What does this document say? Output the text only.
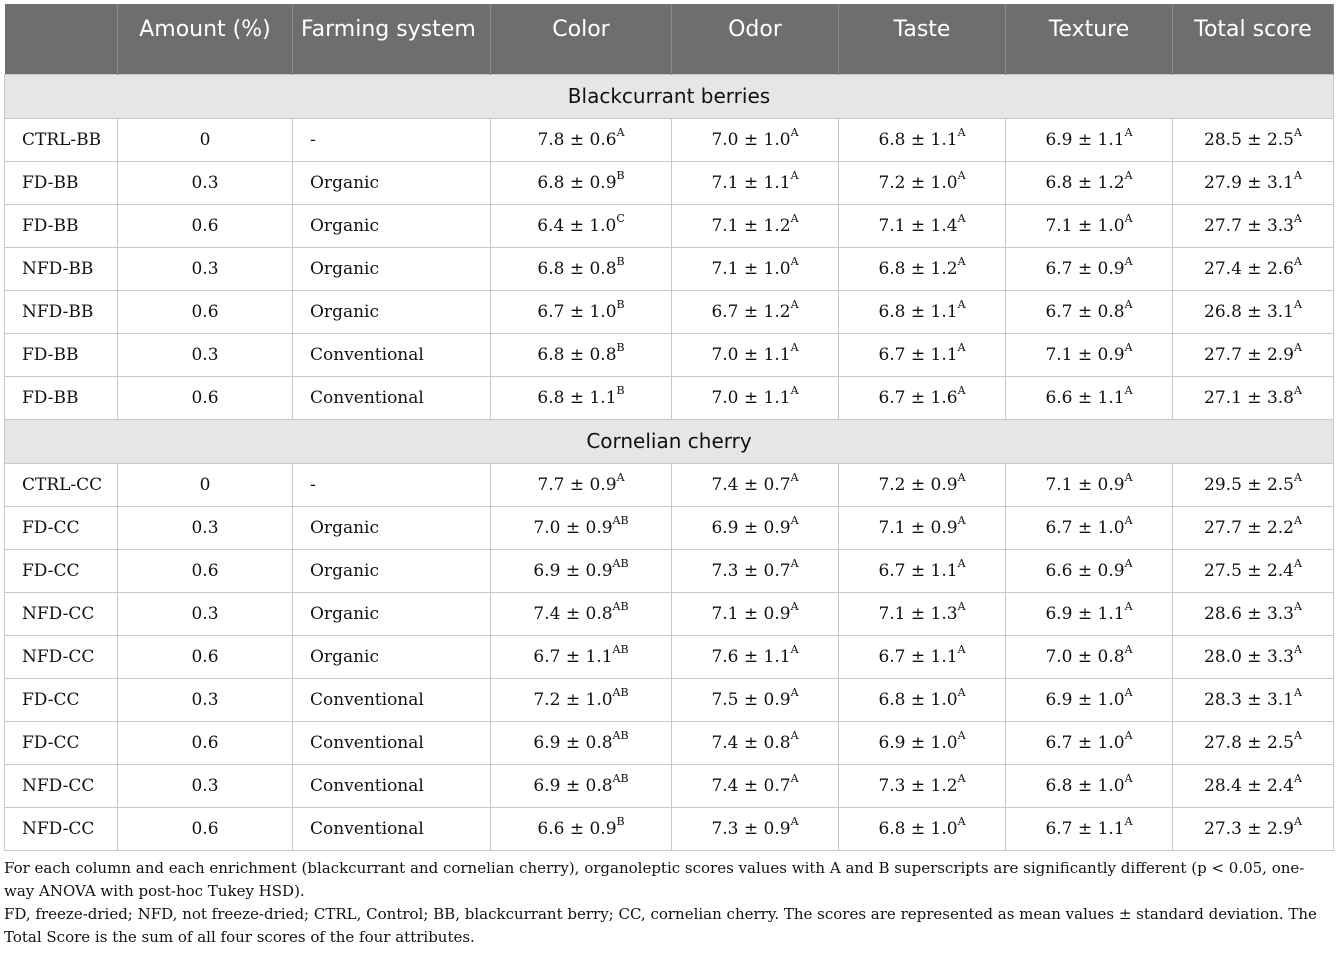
	Amount (%)	Farming system	Color	Odor	Taste	Texture	Total score
Blackcurrant berries							
CTRL-BB	0	-	$7.8 \pm 0.6^A$	$7.0 \pm 1.0^A$	$6.8 \pm 1.1^A$	$6.9 \pm 1.1^A$	$28.5 \pm 2.5^A$
FD-BB	0.3	Organic	$6.8 \pm 0.9^B$	$7.1 \pm 1.1^A$	$7.2 \pm 1.0^A$	$6.8 \pm 1.2^A$	$27.9 \pm 3.1^A$
FD-BB	0.6	Organic	$6.4 \pm 1.0^C$	$7.1 \pm 1.2^A$	$7.1 \pm 1.4^A$	$7.1 \pm 1.0^A$	$27.7 \pm 3.3^A$
NFD-BB	0.3	Organic	$6.8 \pm 0.8^B$	$7.1 \pm 1.0^A$	$6.8 \pm 1.2^A$	$6.7 \pm 0.9^A$	$27.4 \pm 2.6^A$
NFD-BB	0.6	Organic	$6.7 \pm 1.0^B$	$6.7 \pm 1.2^A$	$6.8 \pm 1.1^A$	$6.7 \pm 0.8^A$	$26.8 \pm 3.1^A$
FD-BB	0.3	Conventional	$6.8 \pm 0.8^B$	$7.0 \pm 1.1^A$	$6.7 \pm 1.1^A$	$7.1 \pm 0.9^A$	$27.7 \pm 2.9^A$
FD-BB	0.6	Conventional	$6.8 \pm 1.1^B$	$7.0 \pm 1.1^A$	$6.7 \pm 1.6^A$	$6.6 \pm 1.1^A$	$27.1 \pm 3.8^A$
Cornelian cherry							
CTRL-CC	0	-	$7.7 \pm 0.9^A$	$7.4 \pm 0.7^A$	$7.2 \pm 0.9^A$	$7.1 \pm 0.9^A$	$29.5 \pm 2.5^A$
FD-CC	0.3	Organic	$7.0 \pm 0.9^{AB}$	$6.9 \pm 0.9^A$	$7.1 \pm 0.9^A$	$6.7 \pm 1.0^A$	$27.7 \pm 2.2^A$
FD-CC	0.6	Organic	$6.9 \pm 0.9^{AB}$	$7.3 \pm 0.7^A$	$6.7 \pm 1.1^A$	$6.6 \pm 0.9^A$	$27.5 \pm 2.4^A$
NFD-CC	0.3	Organic	$7.4 \pm 0.8^{AB}$	$7.1 \pm 0.9^A$	$7.1 \pm 1.3^A$	$6.9 \pm 1.1^A$	$28.6 \pm 3.3^A$
NFD-CC	0.6	Organic	$6.7 \pm 1.1^{AB}$	$7.6 \pm 1.1^A$	$6.7 \pm 1.1^A$	$7.0 \pm 0.8^A$	$28.0 \pm 3.3^A$
FD-CC	0.3	Conventional	$7.2 \pm 1.0^{AB}$	$7.5 \pm 0.9^A$	$6.8 \pm 1.0^A$	$6.9 \pm 1.0^A$	$28.3 \pm 3.1^A$
FD-CC	0.6	Conventional	$6.9 \pm 0.8^{AB}$	$7.4 \pm 0.8^A$	$6.9 \pm 1.0^A$	$6.7 \pm 1.0^A$	$27.8 \pm 2.5^A$
NFD-CC	0.3	Conventional	$6.9 \pm 0.8^{AB}$	$7.4 \pm 0.7^A$	$7.3 \pm 1.2^A$	$6.8 \pm 1.0^A$	$28.4 \pm 2.4^A$
NFD-CC	0.6	Conventional	$6.6 \pm 0.9^B$	$7.3 \pm 0.9^A$	$6.8 \pm 1.0^A$	$6.7 \pm 1.1^A$	$27.3 \pm 2.9^A$

For each column and each enrichment (blackcurrant and cornelian cherry), organoleptic scores values with A and B superscripts are significantly different (p < 0.05, one-way ANOVA with post-hoc Tukey HSD).

FD, freeze-dried; NFD, not freeze-dried; CTRL, Control; BB, blackcurrant berry; CC, cornelian cherry. The scores are represented as mean values ± standard deviation. The Total Score is the sum of all four scores of the four attributes.
